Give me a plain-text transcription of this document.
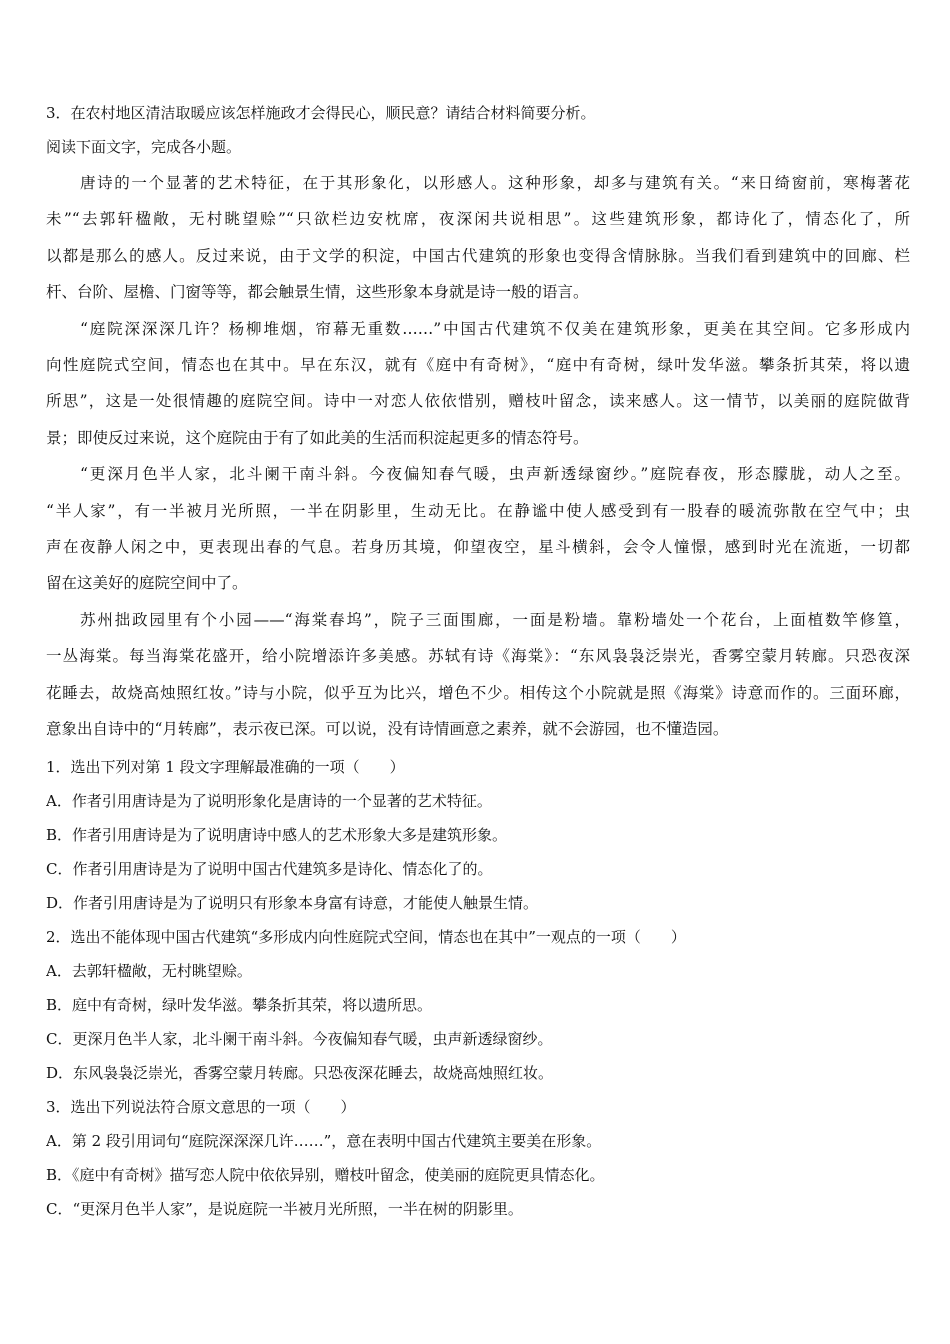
3．在农村地区清洁取暖应该怎样施政才会得民心，顺民意？请结合材料简要分析。
阅读下面文字，完成各小题。
唐诗的一个显著的艺术特征，在于其形象化，以形感人。这种形象，却多与建筑有关。“来日绮窗前，寒梅著花
未”“去郭轩楹敞，无村眺望赊”“只欲栏边安枕席，夜深闲共说相思”。这些建筑形象，都诗化了，情态化了，所
以都是那么的感人。反过来说，由于文学的积淀，中国古代建筑的形象也变得含情脉脉。当我们看到建筑中的回廊、栏
杆、台阶、屋檐、门窗等等，都会触景生情，这些形象本身就是诗一般的语言。
“庭院深深深几许？杨柳堆烟，帘幕无重数……”中国古代建筑不仅美在建筑形象，更美在其空间。它多形成内
向性庭院式空间，情态也在其中。早在东汉，就有《庭中有奇树》，“庭中有奇树，绿叶发华滋。攀条折其荣，将以遗
所思”，这是一处很情趣的庭院空间。诗中一对恋人依依惜别，赠枝叶留念，读来感人。这一情节，以美丽的庭院做背
景；即使反过来说，这个庭院由于有了如此美的生活而积淀起更多的情态符号。
“更深月色半人家，北斗阑干南斗斜。今夜偏知春气暖，虫声新透绿窗纱。”庭院春夜，形态朦胧，动人之至。
“半人家”，有一半被月光所照，一半在阴影里，生动无比。在静谧中使人感受到有一股春的暖流弥散在空气中；虫
声在夜静人闲之中，更表现出春的气息。若身历其境，仰望夜空，星斗横斜，会令人憧憬，感到时光在流逝，一切都
留在这美好的庭院空间中了。
苏州拙政园里有个小园——“海棠春坞”，院子三面围廊，一面是粉墙。靠粉墙处一个花台，上面植数竿修篁，
一丛海棠。每当海棠花盛开，给小院增添许多美感。苏轼有诗《海棠》：“东风袅袅泛崇光，香雾空蒙月转廊。只恐夜深
花睡去，故烧高烛照红妆。”诗与小院，似乎互为比兴，增色不少。相传这个小院就是照《海棠》诗意而作的。三面环廊，
意象出自诗中的“月转廊”，表示夜已深。可以说，没有诗情画意之素养，就不会游园，也不懂造园。
1．选出下列对第 1 段文字理解最准确的一项（　　）
A．作者引用唐诗是为了说明形象化是唐诗的一个显著的艺术特征。
B．作者引用唐诗是为了说明唐诗中感人的艺术形象大多是建筑形象。
C．作者引用唐诗是为了说明中国古代建筑多是诗化、情态化了的。
D．作者引用唐诗是为了说明只有形象本身富有诗意，才能使人触景生情。
2．选出不能体现中国古代建筑“多形成内向性庭院式空间，情态也在其中”一观点的一项（　　）
A．去郭轩楹敞，无村眺望赊。
B．庭中有奇树，绿叶发华滋。攀条折其荣，将以遗所思。
C．更深月色半人家，北斗阑干南斗斜。今夜偏知春气暖，虫声新透绿窗纱。
D．东风袅袅泛崇光，香雾空蒙月转廊。只恐夜深花睡去，故烧高烛照红妆。
3．选出下列说法符合原文意思的一项（　　）
A．第 2 段引用词句“庭院深深深几许……”，意在表明中国古代建筑主要美在形象。
B．《庭中有奇树》描写恋人院中依依异别，赠枝叶留念，使美丽的庭院更具情态化。
C．“更深月色半人家”，是说庭院一半被月光所照，一半在树的阴影里。
